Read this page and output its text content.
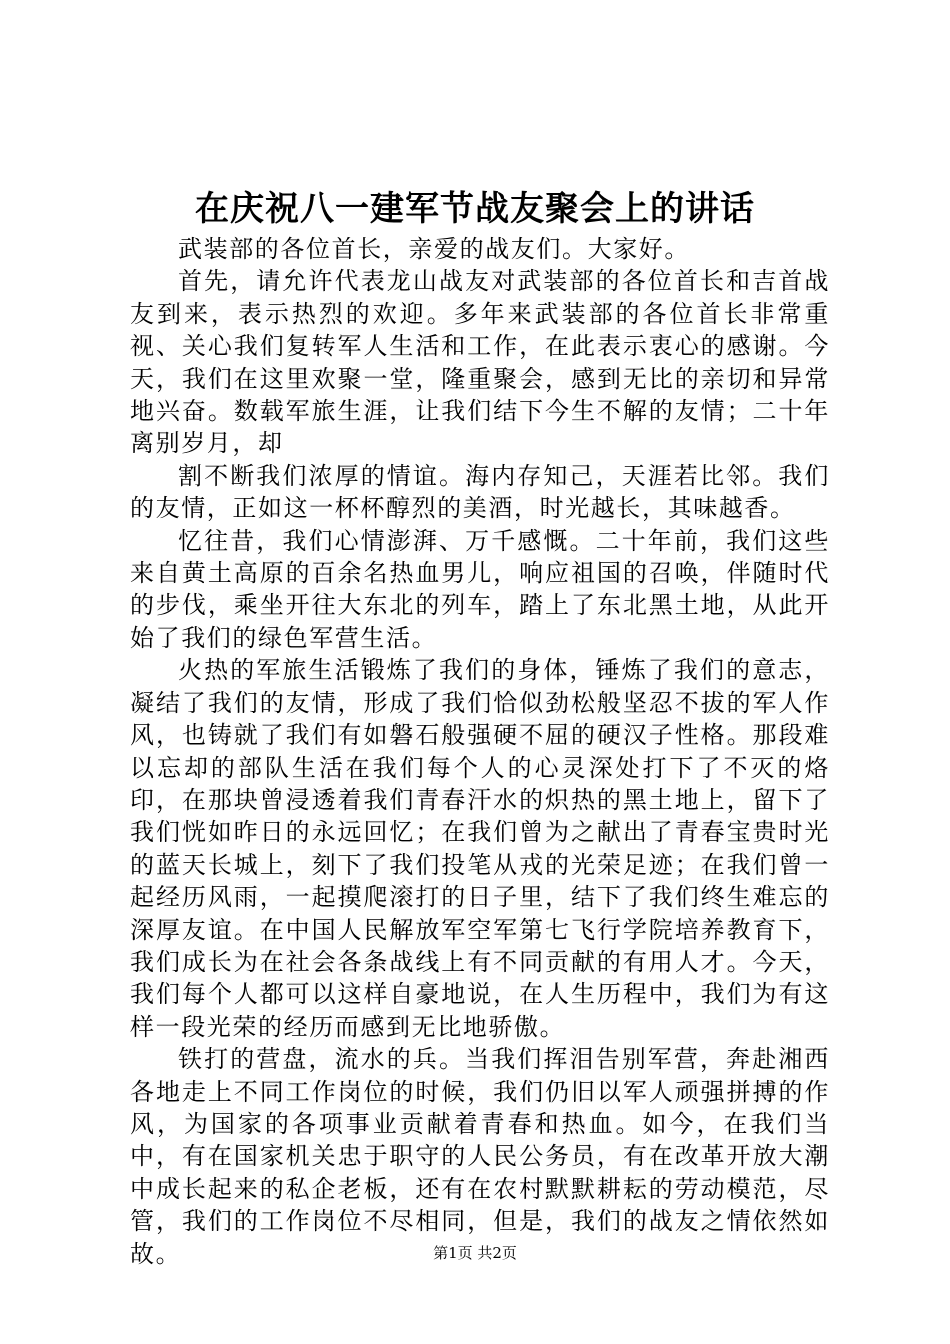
在庆祝八一建军节战友聚会上的讲话

武装部的各位首长，亲爱的战友们。大家好。

首先，请允许代表龙山战友对武装部的各位首长和吉首战友到来，表示热烈的欢迎。多年来武装部的各位首长非常重视、关心我们复转军人生活和工作，在此表示衷心的感谢。今天，我们在这里欢聚一堂，隆重聚会，感到无比的亲切和异常地兴奋。数载军旅生涯，让我们结下今生不解的友情；二十年离别岁月，却

割不断我们浓厚的情谊。海内存知己，天涯若比邻。我们的友情，正如这一杯杯醇烈的美酒，时光越长，其味越香。

忆往昔，我们心情澎湃、万千感慨。二十年前，我们这些来自黄土高原的百余名热血男儿，响应祖国的召唤，伴随时代的步伐，乘坐开往大东北的列车，踏上了东北黑土地，从此开始了我们的绿色军营生活。

火热的军旅生活锻炼了我们的身体，锤炼了我们的意志，凝结了我们的友情，形成了我们恰似劲松般坚忍不拔的军人作风，也铸就了我们有如磐石般强硬不屈的硬汉子性格。那段难以忘却的部队生活在我们每个人的心灵深处打下了不灭的烙印，在那块曾浸透着我们青春汗水的炽热的黑土地上，留下了我们恍如昨日的永远回忆；在我们曾为之献出了青春宝贵时光的蓝天长城上，刻下了我们投笔从戎的光荣足迹；在我们曾一起经历风雨，一起摸爬滚打的日子里，结下了我们终生难忘的深厚友谊。在中国人民解放军空军第七飞行学院培养教育下，我们成长为在社会各条战线上有不同贡献的有用人才。今天，我们每个人都可以这样自豪地说，在人生历程中，我们为有这样一段光荣的经历而感到无比地骄傲。

铁打的营盘，流水的兵。当我们挥泪告别军营，奔赴湘西各地走上不同工作岗位的时候，我们仍旧以军人顽强拼搏的作风，为国家的各项事业贡献着青春和热血。如今，在我们当中，有在国家机关忠于职守的人民公务员，有在改革开放大潮中成长起来的私企老板，还有在农村默默耕耘的劳动模范，尽管，我们的工作岗位不尽相同，但是，我们的战友之情依然如故。	第1页 共2页
